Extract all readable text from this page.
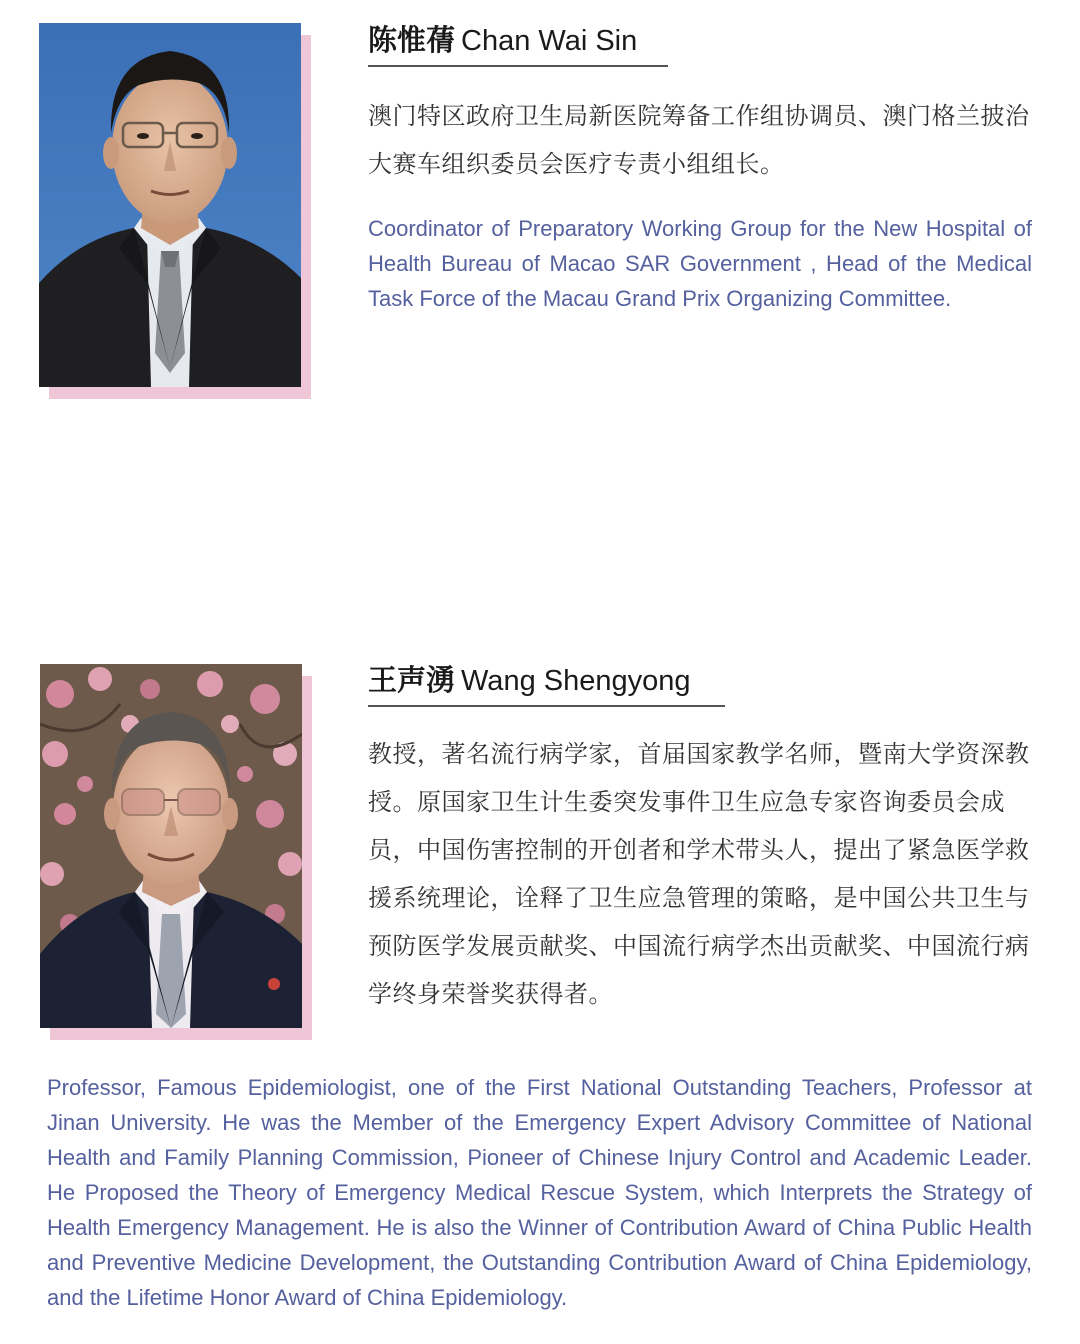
陈惟蒨 Chan Wai Sin
澳门特区政府卫生局新医院筹备工作组协调员、澳门格兰披治大赛车组织委员会医疗专责小组组长。
Coordinator of Preparatory Working Group for the New Hospital of Health Bureau of Macao SAR Government , Head of the Medical Task Force of the Macau Grand Prix Organizing Committee.
王声湧 Wang Shengyong
教授，著名流行病学家，首届国家教学名师，暨南大学资深教授。原国家卫生计生委突发事件卫生应急专家咨询委员会成员，中国伤害控制的开创者和学术带头人，提出了紧急医学救援系统理论，诠释了卫生应急管理的策略，是中国公共卫生与预防医学发展贡献奖、中国流行病学杰出贡献奖、中国流行病学终身荣誉奖获得者。
Professor, Famous Epidemiologist, one of the First National Outstanding Teachers, Professor at Jinan University. He was the Member of the Emergency Expert Advisory Committee of National Health and Family Planning Commission, Pioneer of Chinese Injury Control and Academic Leader. He Proposed the Theory of Emergency Medical Rescue System, which Interprets the Strategy of Health Emergency Management. He is also the Winner of Contribution Award of China Public Health and Preventive Medicine Development, the Outstanding Contribution Award of China Epidemiology, and the Lifetime Honor Award of China Epidemiology.
